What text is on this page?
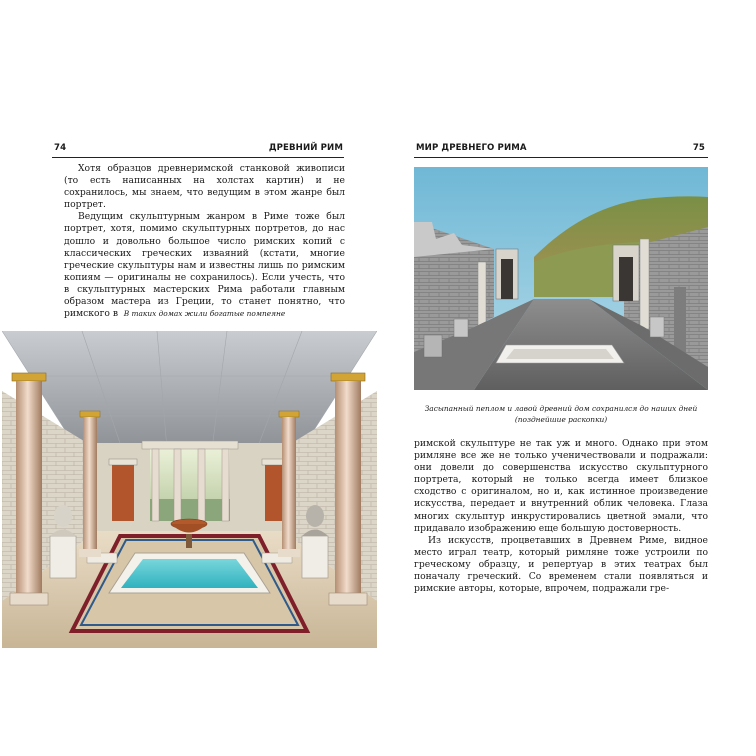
74	ДРЕВНИЙ РИМ

Хотя образцов древнеримской станковой живописи (то есть написанных на холстах картин) и не сохранилось, мы знаем, что ведущим в этом жанре был портрет.

Ведущим скульптурным жанром в Риме тоже был портрет, хотя, помимо скульптурных портретов, до нас дошло и довольно большое число римских копий с классических греческих изваяний (кстати, многие греческие скульптуры нам и известны лишь по римским копиям — оригиналы не сохранилось). Если учесть, что в скульптурных мастерских Рима работали главным образом мастера из Греции, то станет понятно, что римского в В таких домах жили богатые помпеяне
МИР ДРЕВНЕГО РИМА	75
Засыпанный пеплом и лавой древний дом сохранился до наших дней (позднейшие раскопки)

римской скульптуре не так уж и много. Однако при этом римляне все же не только ученичествовали и подражали: они довели до совершенства искусство скульптурного портрета, который не только всегда имеет близкое сходство с оригиналом, но и, как истинное произведение искусства, передает и внутренний облик человека. Глаза многих скульптур инкрустировались цветной эмали, что придавало изображению еще большую достоверность.

Из искусств, процветавших в Древнем Риме, видное место играл театр, который римляне тоже устроили по греческому образцу, и репертуар в этих театрах был поначалу греческий. Со временем стали появляться и римские авторы, которые, впрочем, подражали гре-
